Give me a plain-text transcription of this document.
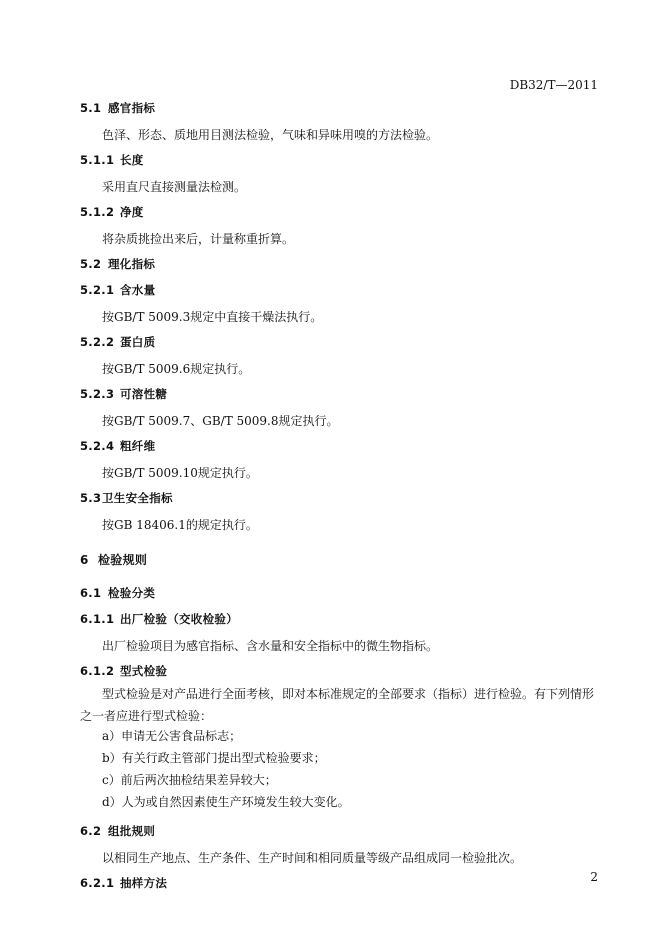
DB32/T—2011
5.1 感官指标
色泽、形态、质地用目测法检验，气味和异味用嗅的方法检验。
5.1.1 长度
采用直尺直接测量法检测。
5.1.2 净度
将杂质挑捡出来后，计量称重折算。
5.2 理化指标
5.2.1 含水量
按GB/T 5009.3规定中直接干燥法执行。
5.2.2 蛋白质
按GB/T 5009.6规定执行。
5.2.3 可溶性糖
按GB/T 5009.7、GB/T 5009.8规定执行。
5.2.4 粗纤维
按GB/T 5009.10规定执行。
5.3卫生安全指标
按GB 18406.1的规定执行。
6 检验规则
6.1 检验分类
6.1.1 出厂检验（交收检验）
出厂检验项目为感官指标、含水量和安全指标中的微生物指标。
6.1.2 型式检验
型式检验是对产品进行全面考核，即对本标准规定的全部要求（指标）进行检验。有下列情形之一者应进行型式检验：
a）申请无公害食品标志；
b）有关行政主管部门提出型式检验要求；
c）前后两次抽检结果差异较大；
d）人为或自然因素使生产环境发生较大变化。
6.2 组批规则
以相同生产地点、生产条件、生产时间和相同质量等级产品组成同一检验批次。
6.2.1 抽样方法	2
